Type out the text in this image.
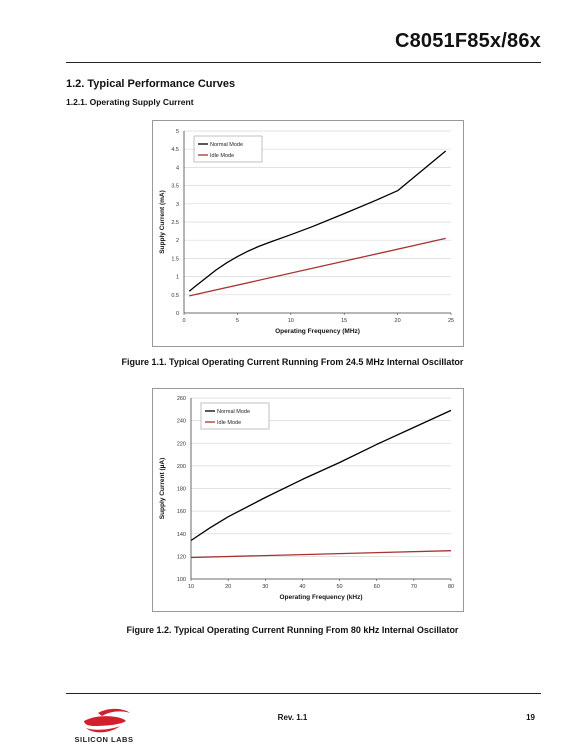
C8051F85x/86x
1.2. Typical Performance Curves
1.2.1. Operating Supply Current
0
0.5
1
1.5
2
2.5
3
3.5
4
4.5
5
0	5	10	15	20	25
Operating Frequency (MHz)
Supply Current (mA)
Normal Mode
Idle Mode
Figure 1.1. Typical Operating Current Running From 24.5 MHz Internal Oscillator
100
120
140
160
180
200
220
240
260
10	20	30	40	50	60	70	80
Operating Frequency (kHz)
Supply Current (µA)
Normal Mode
Idle Mode
Figure 1.2. Typical Operating Current Running From 80 kHz Internal Oscillator
SILICON LABS
Rev. 1.1	19
